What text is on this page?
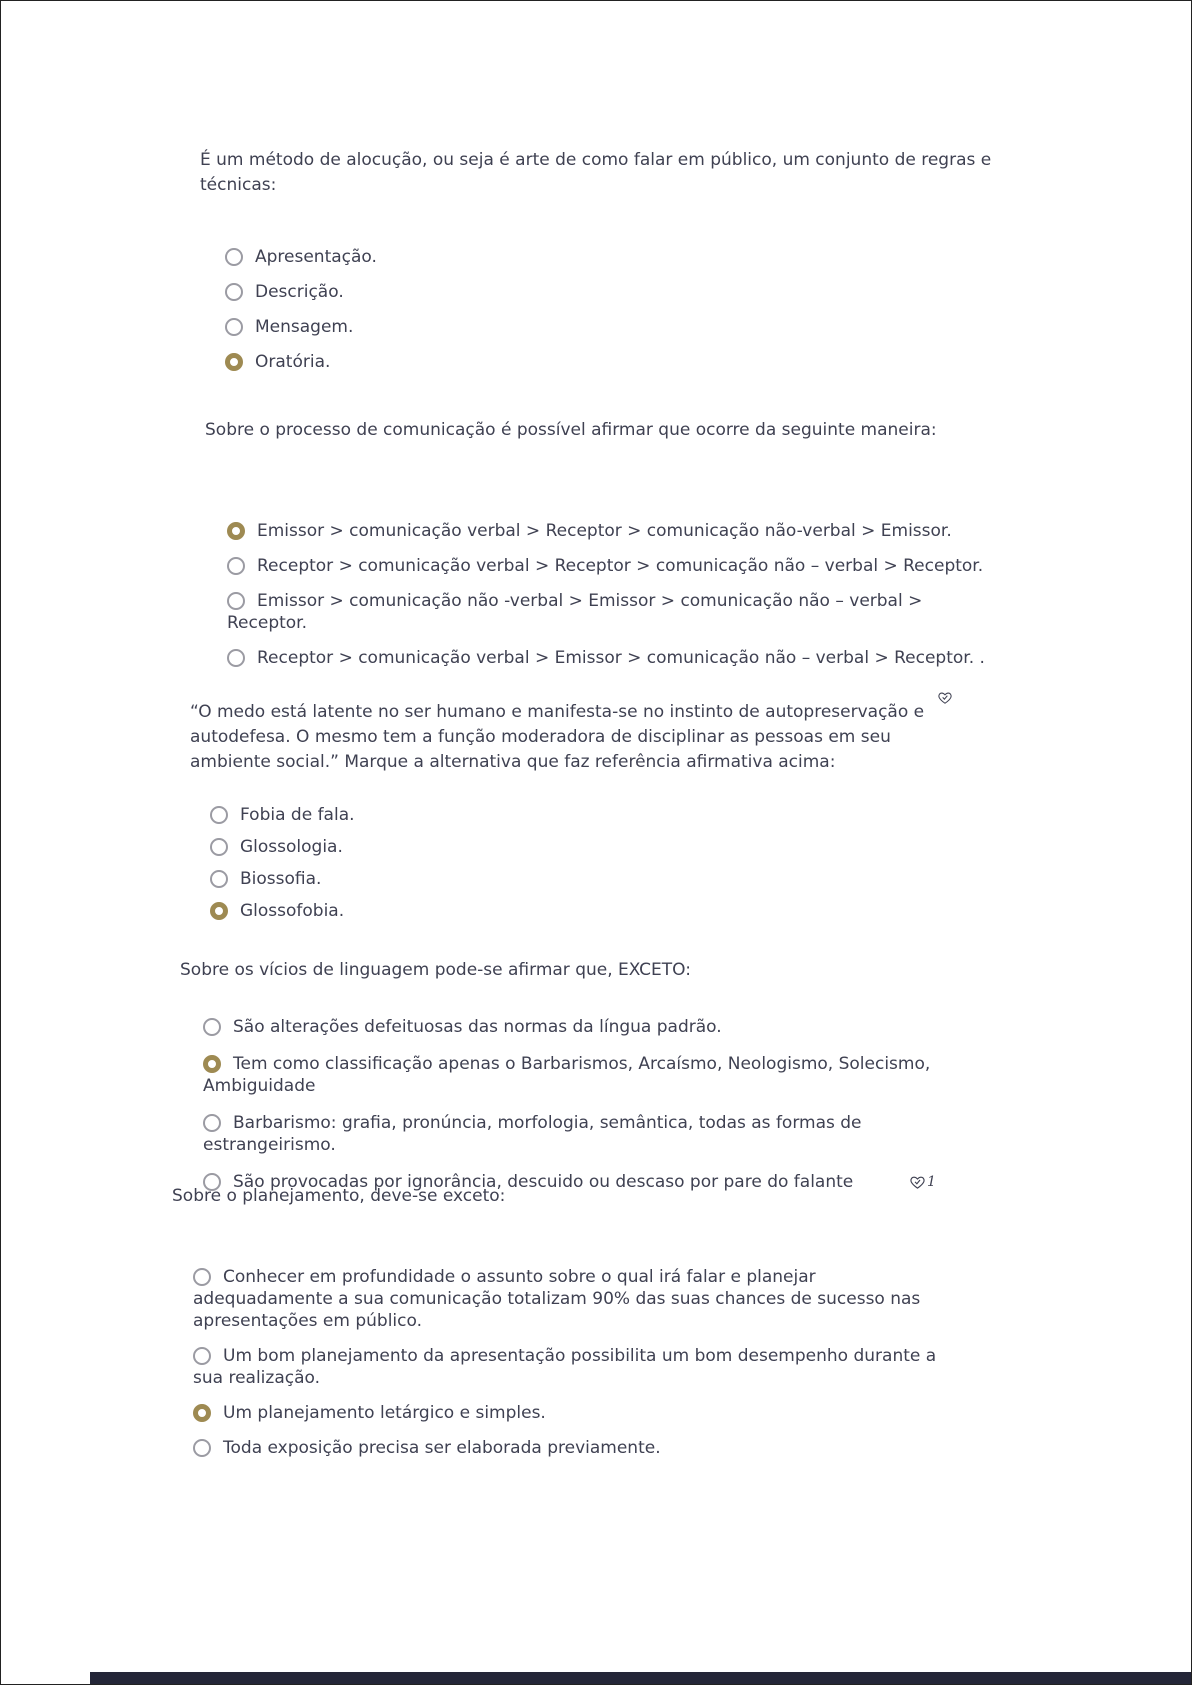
É um método de alocução, ou seja é arte de como falar em público, um conjunto de regras e técnicas:
Apresentação.
Descrição.
Mensagem.
Oratória.
Sobre o processo de comunicação é possível afirmar que ocorre da seguinte maneira:
Emissor > comunicação verbal > Receptor > comunicação não-verbal > Emissor.
Receptor > comunicação verbal > Receptor > comunicação não – verbal > Receptor.
Emissor > comunicação não -verbal > Emissor > comunicação não – verbal > Receptor.
Receptor > comunicação verbal > Emissor > comunicação não – verbal > Receptor. .
“O medo está latente no ser humano e manifesta-se no instinto de autopreservação e autodefesa. O mesmo tem a função moderadora de disciplinar as pessoas em seu ambiente social.” Marque a alternativa que faz referência afirmativa acima:
Fobia de fala.
Glossologia.
Biossofia.
Glossofobia.
Sobre os vícios de linguagem pode-se afirmar que, EXCETO:
São alterações defeituosas das normas da língua padrão.
Tem como classificação apenas o Barbarismos, Arcaísmo, Neologismo, Solecismo, Ambiguidade
Barbarismo: grafia, pronúncia, morfologia, semântica, todas as formas de estrangeirismo.
São provocadas por ignorância, descuido ou descaso por pare do falante
Sobre o planejamento, deve-se exceto:
1
Conhecer em profundidade o assunto sobre o qual irá falar e planejar adequadamente a sua comunicação totalizam 90% das suas chances de sucesso nas apresentações em público.
Um bom planejamento da apresentação possibilita um bom desempenho durante a sua realização.
Um planejamento letárgico e simples.
Toda exposição precisa ser elaborada previamente.
